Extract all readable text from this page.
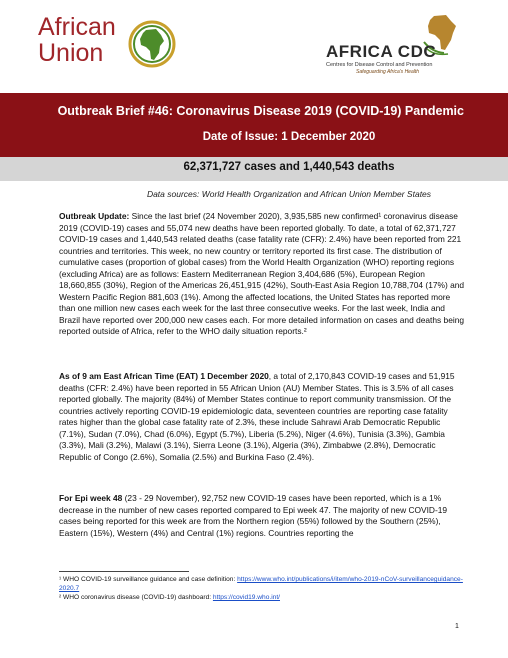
African
Union	AFRICA CDC
Centres for Disease Control and Prevention
Safeguarding Africa's Health
Outbreak Brief #46: Coronavirus Disease 2019 (COVID-19) Pandemic
Date of Issue: 1 December 2020
62,371,727 cases and 1,440,543 deaths
Data sources: World Health Organization and African Union Member States
Outbreak Update: Since the last brief (24 November 2020), 3,935,585 new confirmed¹ coronavirus disease 2019 (COVID-19) cases and 55,074 new deaths have been reported globally. To date, a total of 62,371,727 COVID-19 cases and 1,440,543 related deaths (case fatality rate (CFR): 2.4%) have been reported from 221 countries and territories. This week, no new country or territory reported its first case. The distribution of cumulative cases (proportion of global cases) from the World Health Organization (WHO) reporting regions (excluding Africa) are as follows: Eastern Mediterranean Region 3,404,686 (5%), European Region 18,660,855 (30%), Region of the Americas 26,451,915 (42%), South-East Asia Region 10,788,704 (17%) and Western Pacific Region 881,603 (1%). Among the affected locations, the United States has reported more than one million new cases each week for the last three consecutive weeks. For the last week, India and Brazil have reported over 200,000 new cases each. For more detailed information on cases and deaths being reported outside of Africa, refer to the WHO daily situation reports.²
As of 9 am East African Time (EAT) 1 December 2020, a total of 2,170,843 COVID-19 cases and 51,915 deaths (CFR: 2.4%) have been reported in 55 African Union (AU) Member States. This is 3.5% of all cases reported globally. The majority (84%) of Member States continue to report community transmission. Of the countries actively reporting COVID-19 epidemiologic data, seventeen countries are reporting case fatality rates higher than the global case fatality rate of 2.3%, these include Sahrawi Arab Democratic Republic (7.1%), Sudan (7.0%), Chad (6.0%), Egypt (5.7%), Liberia (5.2%), Niger (4.6%), Tunisia (3.3%), Gambia (3.3%), Mali (3.2%), Malawi (3.1%), Sierra Leone (3.1%), Algeria (3%), Zimbabwe (2.8%), Democratic Republic of Congo (2.6%), Somalia (2.5%) and Burkina Faso (2.4%).
For Epi week 48 (23 - 29 November), 92,752 new COVID-19 cases have been reported, which is a 1% decrease in the number of new cases reported compared to Epi week 47. The majority of new COVID-19 cases being reported for this week are from the Northern region (55%) followed by the Southern (25%), Eastern (15%), Western (4%) and Central (1%) regions. Countries reporting the
¹ WHO COVID-19 surveillance guidance and case definition: https://www.who.int/publications/i/item/who-2019-nCoV-surveillanceguidance-2020.7
² WHO coronavirus disease (COVID-19) dashboard: https://covid19.who.int/
1
